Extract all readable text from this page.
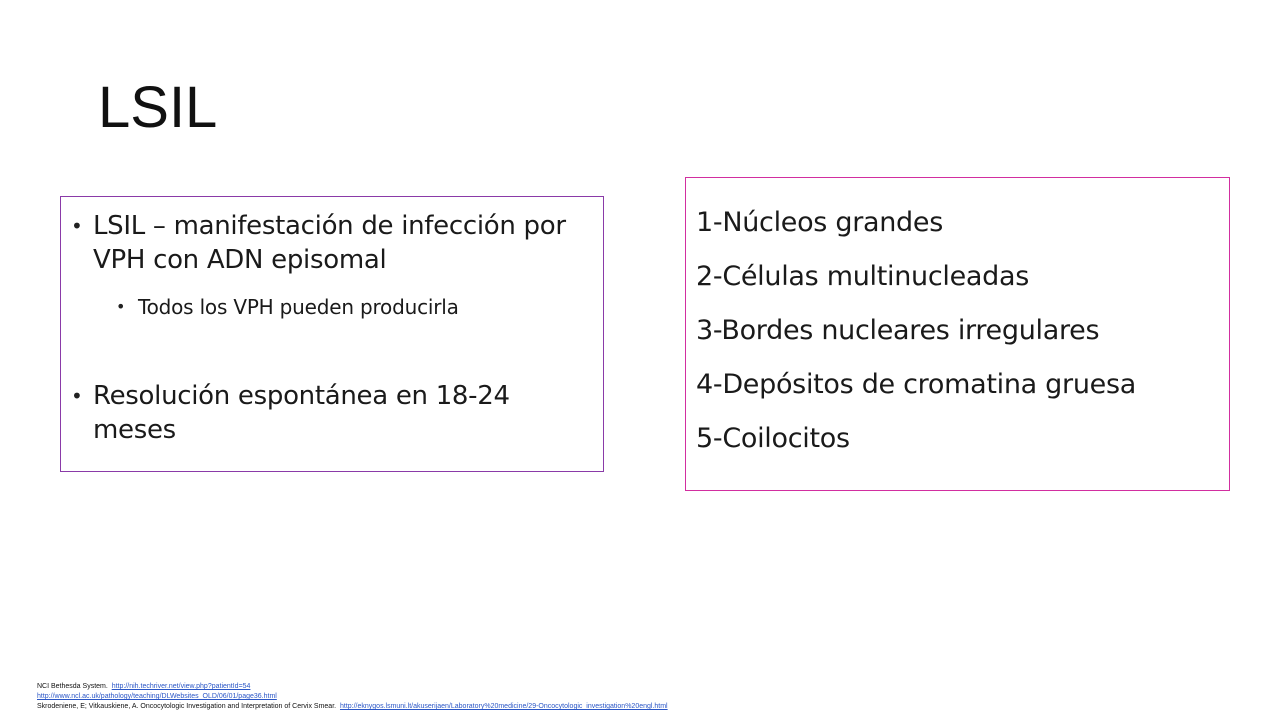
LSIL
• LSIL – manifestación de infección por VPH con ADN episomal
• Todos los VPH pueden producirla
• Resolución espontánea en 18-24 meses
1-Núcleos grandes
2-Células multinucleadas
3-Bordes nucleares irregulares
4-Depósitos de cromatina gruesa
5-Coilocitos
NCI Bethesda System. http://nih.techriver.net/view.php?patientId=54
http://www.ncl.ac.uk/pathology/teaching/DLWebsites_OLD/06/01/page36.html
Skrodeniene, E; Vitkauskiene, A. Oncocytologic Investigation and Interpretation of Cervix Smear. http://eknygos.lsmuni.lt/akuserijaen/Laboratory%20medicine/29-Oncocytologic_investigation%20engl.html
